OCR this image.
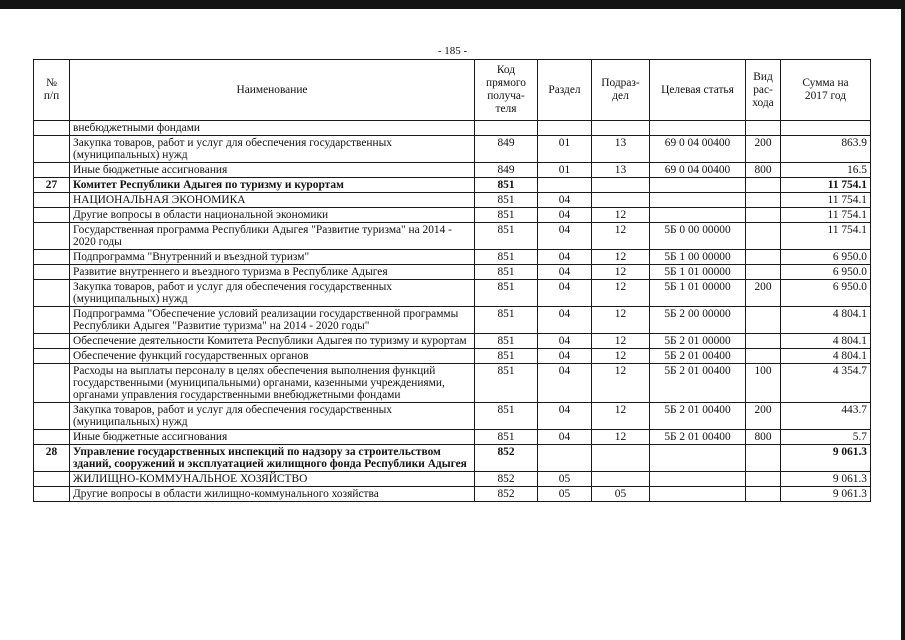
- 185 -
№
п/п	Наименование	Код
прямого
получа-
теля	Раздел	Подраз-
дел	Целевая статья	Вид
рас-
хода	Сумма на
2017 год

	внебюджетными фондами						
	Закупка товаров, работ и услуг для обеспечения государственных (муниципальных) нужд	849	01	13	69 0 04 00400	200	863.9
	Иные бюджетные ассигнования	849	01	13	69 0 04 00400	800	16.5
27	Комитет Республики Адыгея по туризму и курортам	851					11 754.1
	НАЦИОНАЛЬНАЯ ЭКОНОМИКА	851	04				11 754.1
	Другие вопросы в области национальной экономики	851	04	12			11 754.1
	Государственная программа Республики Адыгея "Развитие туризма" на 2014 - 2020 годы	851	04	12	5Б 0 00 00000		11 754.1
	Подпрограмма "Внутренний и въездной туризм"	851	04	12	5Б 1 00 00000		6 950.0
	Развитие внутреннего и въездного туризма в Республике Адыгея	851	04	12	5Б 1 01 00000		6 950.0
	Закупка товаров, работ и услуг для обеспечения государственных (муниципальных) нужд	851	04	12	5Б 1 01 00000	200	6 950.0
	Подпрограмма "Обеспечение условий реализации государственной программы Республики Адыгея "Развитие туризма" на 2014 - 2020 годы"	851	04	12	5Б 2 00 00000		4 804.1
	Обеспечение деятельности Комитета Республики Адыгея по туризму и курортам	851	04	12	5Б 2 01 00000		4 804.1
	Обеспечение функций государственных органов	851	04	12	5Б 2 01 00400		4 804.1
	Расходы на выплаты персоналу в целях обеспечения выполнения функций государственными (муниципальными) органами, казенными учреждениями, органами управления государственными внебюджетными фондами	851	04	12	5Б 2 01 00400	100	4 354.7
	Закупка товаров, работ и услуг для обеспечения государственных (муниципальных) нужд	851	04	12	5Б 2 01 00400	200	443.7
	Иные бюджетные ассигнования	851	04	12	5Б 2 01 00400	800	5.7
28	Управление государственных инспекций по надзору за строительством зданий, сооружений и эксплуатацией жилищного фонда Республики Адыгея	852					9 061.3
	ЖИЛИЩНО-КОММУНАЛЬНОЕ ХОЗЯЙСТВО	852	05				9 061.3
	Другие вопросы в области жилищно-коммунального хозяйства	852	05	05			9 061.3
